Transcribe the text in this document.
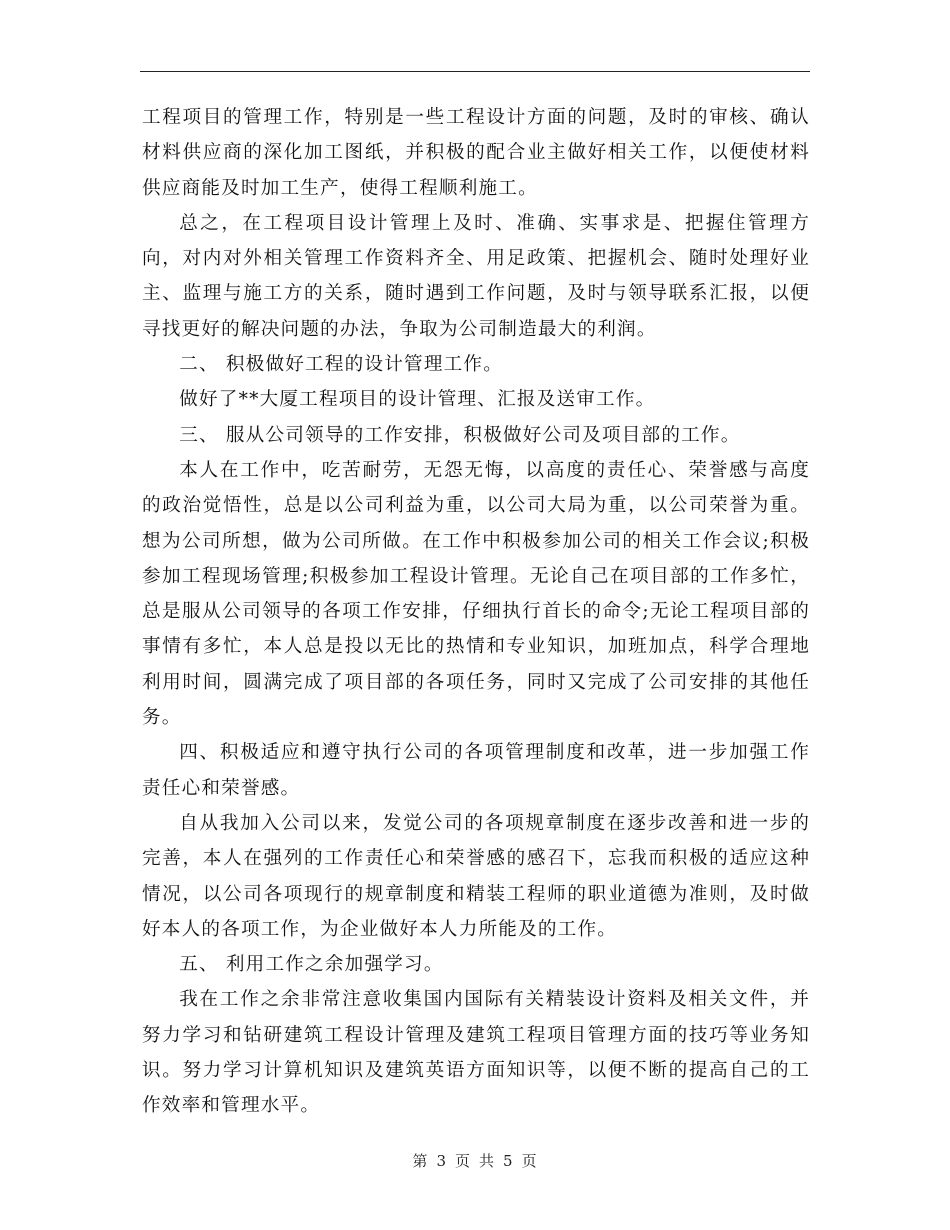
工程项目的管理工作，特别是一些工程设计方面的问题，及时的审核、确认材料供应商的深化加工图纸，并积极的配合业主做好相关工作，以便使材料供应商能及时加工生产，使得工程顺利施工。

总之，在工程项目设计管理上及时、准确、实事求是、把握住管理方向，对内对外相关管理工作资料齐全、用足政策、把握机会、随时处理好业主、监理与施工方的关系，随时遇到工作问题，及时与领导联系汇报，以便寻找更好的解决问题的办法，争取为公司制造最大的利润。

二、 积极做好工程的设计管理工作。

做好了**大厦工程项目的设计管理、汇报及送审工作。

三、 服从公司领导的工作安排，积极做好公司及项目部的工作。

本人在工作中，吃苦耐劳，无怨无悔，以高度的责任心、荣誉感与高度的政治觉悟性，总是以公司利益为重，以公司大局为重，以公司荣誉为重。想为公司所想，做为公司所做。在工作中积极参加公司的相关工作会议;积极参加工程现场管理;积极参加工程设计管理。无论自己在项目部的工作多忙，总是服从公司领导的各项工作安排，仔细执行首长的命令;无论工程项目部的事情有多忙，本人总是投以无比的热情和专业知识，加班加点，科学合理地利用时间，圆满完成了项目部的各项任务，同时又完成了公司安排的其他任务。

四、积极适应和遵守执行公司的各项管理制度和改革，进一步加强工作责任心和荣誉感。

自从我加入公司以来，发觉公司的各项规章制度在逐步改善和进一步的完善，本人在强列的工作责任心和荣誉感的感召下，忘我而积极的适应这种情况，以公司各项现行的规章制度和精装工程师的职业道德为准则，及时做好本人的各项工作，为企业做好本人力所能及的工作。

五、 利用工作之余加强学习。

我在工作之余非常注意收集国内国际有关精装设计资料及相关文件，并努力学习和钻研建筑工程设计管理及建筑工程项目管理方面的技巧等业务知识。努力学习计算机知识及建筑英语方面知识等，以便不断的提高自己的工作效率和管理水平。

第 3 页 共 5 页
